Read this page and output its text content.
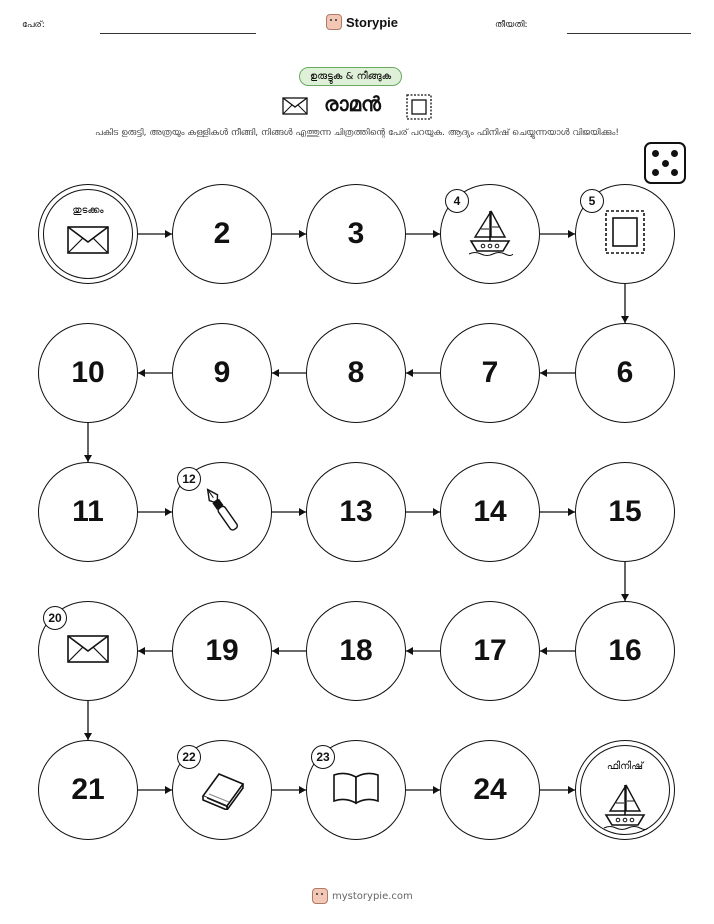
പേര്:	Storypie	തീയതി:
ഉരുട്ടുക & നീങ്ങുക
രാമൻ
പകിട ഉരുട്ടി, അത്രയും കള്ളികൾ നീങ്ങി, നിങ്ങൾ എത്തുന്ന ചിത്രത്തിന്റെ പേര് പറയുക. ആദ്യം ഫിനിഷ് ചെയ്യുന്നയാൾ വിജയിക്കും!
തുടക്കം
2	3
4	5
6
7
8
9
10
11
12
13	14	15
16
17
18
19
20
21
22	23
24
ഫിനിഷ്
mystorypie.com
